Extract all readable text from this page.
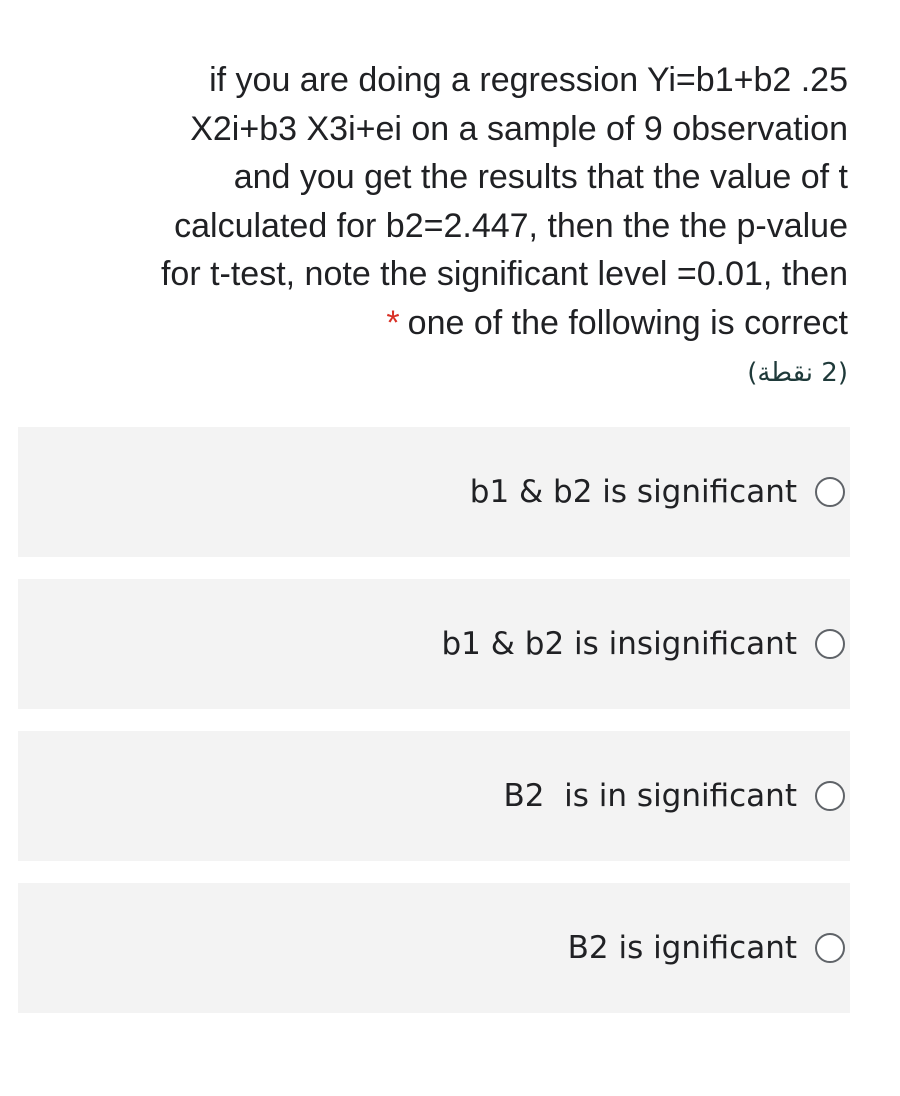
if you are doing a regression Yi=b1+b2 .25
X2i+b3 X3i+ei on a sample of 9 observation
and you get the results that the value of t
calculated for b2=2.447, then the the p-value
for t-test, note the significant level =0.01, then
* one of the following is correct
(2 نقطة)
b1 & b2 is significant
b1 & b2 is insignificant
B2  is in significant
B2 is ignificant
